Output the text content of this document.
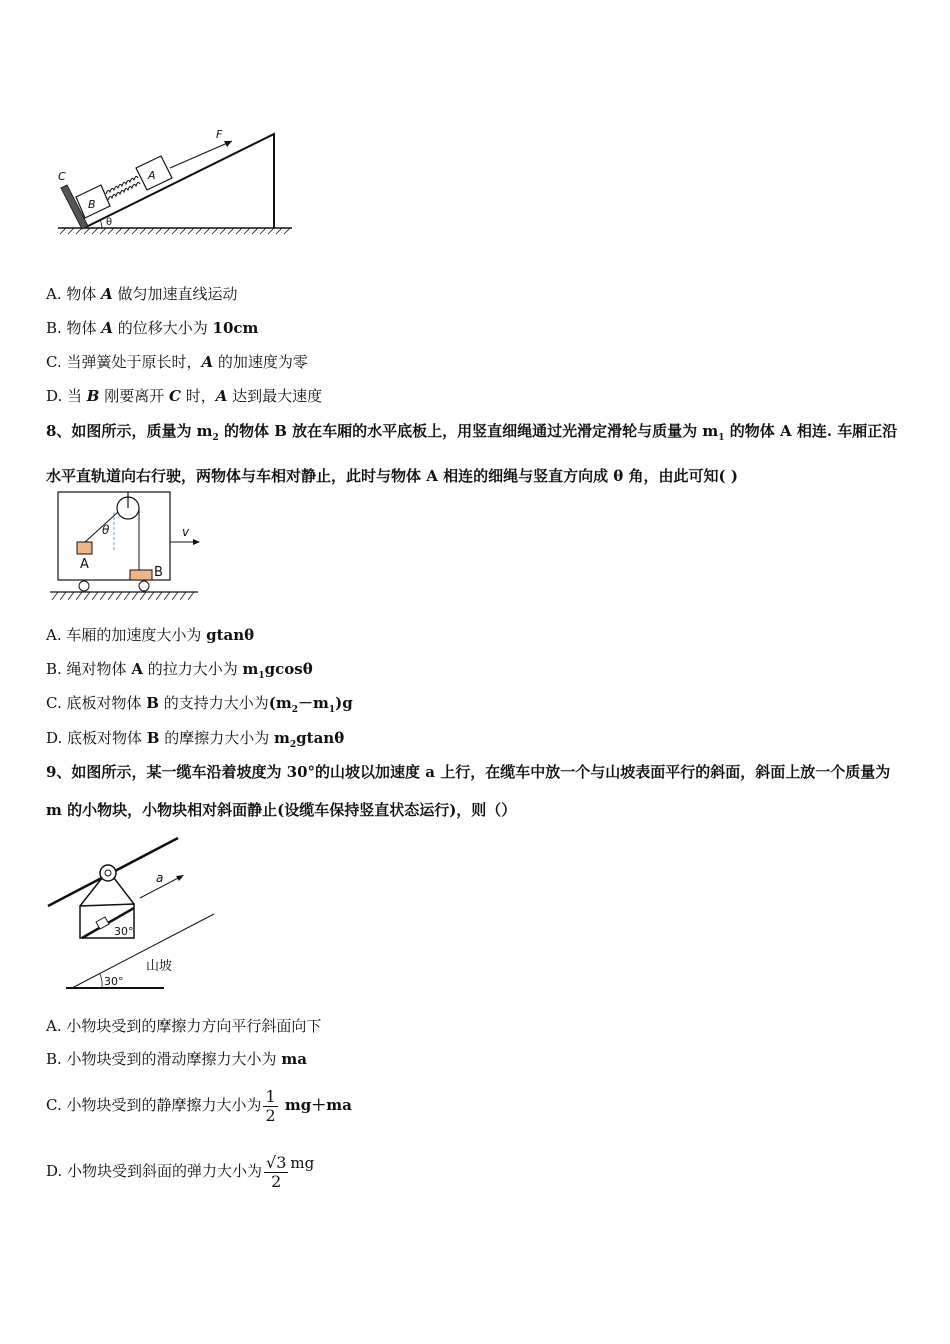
C
B
A
F
θ
A. 物体 A 做匀加速直线运动
B. 物体 A 的位移大小为 10cm
C. 当弹簧处于原长时，A 的加速度为零
D. 当 B 刚要离开 C 时，A 达到最大速度
8、如图所示，质量为 $m_2$ 的物体 B 放在车厢的水平底板上，用竖直细绳通过光滑定滑轮与质量为 $m_1$ 的物体 A 相连. 车厢正沿水平直轨道向右行驶，两物体与车相对静止，此时与物体 A 相连的细绳与竖直方向成 θ 角，由此可知( )
θ
A
B
v
A. 车厢的加速度大小为 gtanθ
B. 绳对物体 A 的拉力大小为 $m_1gcos\theta$
C. 底板对物体 B 的支持力大小为$(m_2-m_1)g$
D. 底板对物体 B 的摩擦力大小为 $m_2gtan\theta$
9、如图所示，某一缆车沿着坡度为 30°的山坡以加速度 a 上行，在缆车中放一个与山坡表面平行的斜面，斜面上放一个质量为 m 的小物块，小物块相对斜面静止(设缆车保持竖直状态运行)，则（）
30°
a
30°
山坡
A. 小物块受到的摩擦力方向平行斜面向下
B. 小物块受到的滑动摩擦力大小为 ma
C. 小物块受到的静摩擦力大小为 $\frac{1}{2} mg+ma$
D. 小物块受到斜面的弹力大小为 $\frac{√3}{2}$ mg
